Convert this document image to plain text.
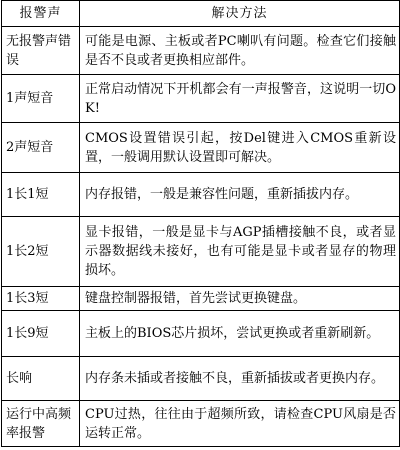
报警声	解决方法
无报警声错误	可能是电源、主板或者PC喇叭有问题。检查它们接触是否不良或者更换相应部件。
1声短音	正常启动情况下开机都会有一声报警音，这说明一切OK!
2声短音	CMOS设置错误引起，按Del键进入CMOS重新设置，一般调用默认设置即可解决。
1长1短	内存报错，一般是兼容性问题，重新插拔内存。
1长2短	显卡报错，一般是显卡与AGP插槽接触不良，或者显示器数据线未接好，也有可能是显卡或者显存的物理损坏。
1长3短	键盘控制器报错，首先尝试更换键盘。
1长9短	主板上的BIOS芯片损坏，尝试更换或者重新刷新。
长响	内存条未插或者接触不良，重新插拔或者更换内存。
运行中高频率报警	CPU过热，往往由于超频所致，请检查CPU风扇是否运转正常。
